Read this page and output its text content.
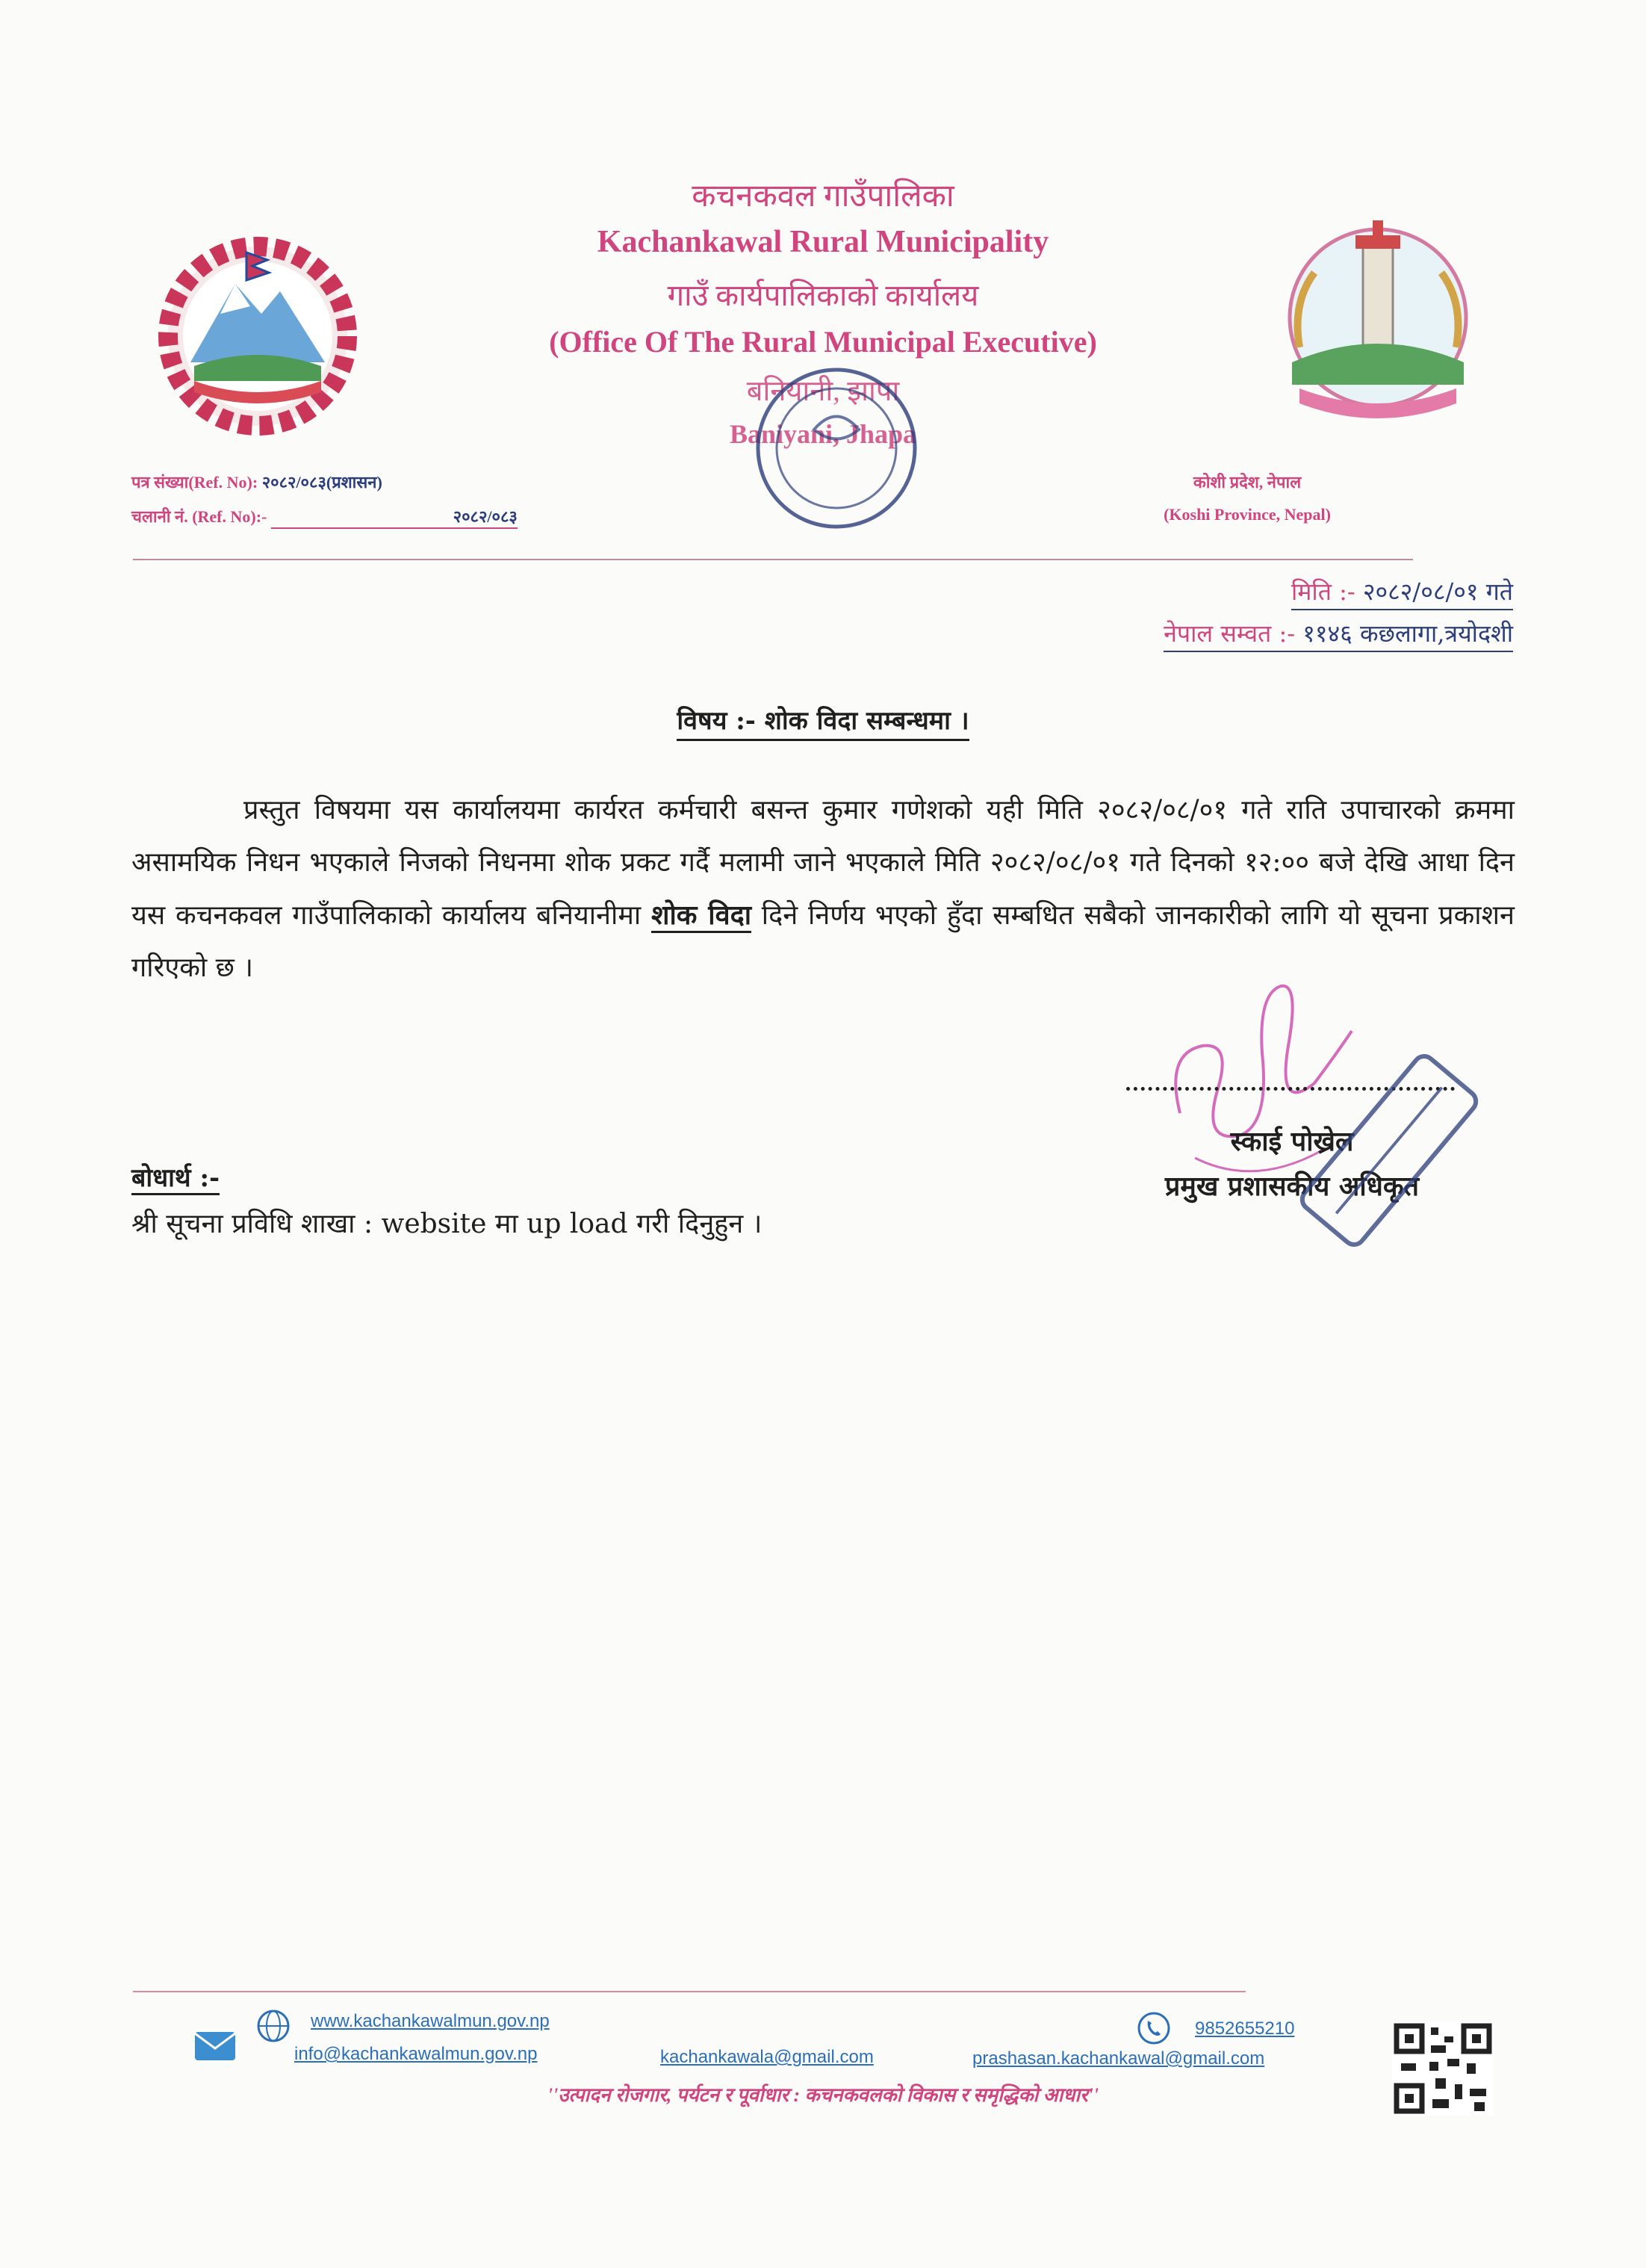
कचनकवल गाउँपालिका
Kachankawal Rural Municipality
गाउँ कार्यपालिकाको कार्यालय
(Office Of The Rural Municipal Executive)
बनियानी, झापा
Baniyani, Jhapa
पत्र संख्या(Ref. No): २०८२/०८३(प्रशासन)
चलानी नं. (Ref. No):-	२०८२/०८३
कोशी प्रदेश, नेपाल
(Koshi Province, Nepal)
मिति :- २०८२/०८/०१ गते
नेपाल सम्वत :- ११४६ कछलागा,त्रयोदशी
विषय :- शोक विदा सम्बन्धमा ।
प्रस्तुत विषयमा यस कार्यालयमा कार्यरत कर्मचारी बसन्त कुमार गणेशको यही मिति २०८२/०८/०१ गते राति उपाचारको क्रममा असामयिक निधन भएकाले निजको निधनमा शोक प्रकट गर्दै मलामी जाने भएकाले मिति २०८२/०८/०१ गते दिनको १२:०० बजे देखि आधा दिन यस कचनकवल गाउँपालिकाको कार्यालय बनियानीमा शोक विदा दिने निर्णय भएको हुँदा सम्बधित सबैको जानकारीको लागि यो सूचना प्रकाशन गरिएको छ ।
स्काई पोख्रेल
प्रमुख प्रशासकीय अधिकृत
बोधार्थ :-
श्री सूचना प्रविधि शाखा : website मा up load गरी दिनुहुन ।
www.kachankawalmun.gov.np
info@kachankawalmun.gov.np	kachankawala@gmail.com	prashasan.kachankawal@gmail.com
9852655210
''उत्पादन रोजगार, पर्यटन र पूर्वाधार : कचनकवलको विकास र समृद्धिको आधार''
